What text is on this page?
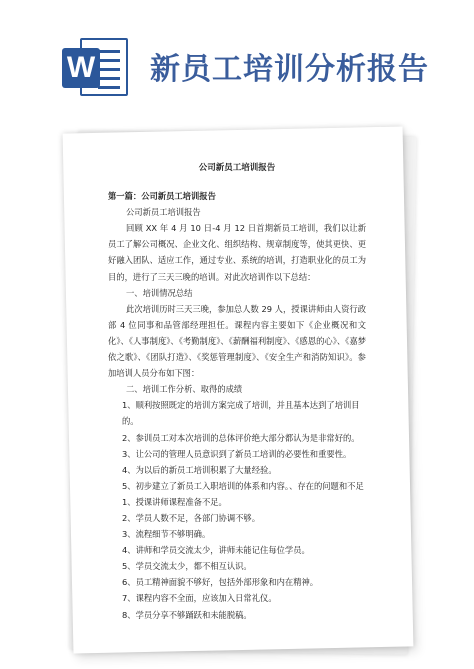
W 新员工培训分析报告

公司新员工培训报告

第一篇：公司新员工培训报告

公司新员工培训报告

回顾 XX 年 4 月 10 日-4 月 12 日首期新员工培训，我们以让新员工了解公司概况、企业文化、组织结构、规章制度等，使其更快、更好融入团队、适应工作，通过专业、系统的培训，打造职业化的员工为目的，进行了三天三晚的培训。对此次培训作以下总结：

一、培训情况总结

此次培训历时三天三晚，参加总人数 29 人，授课讲师由人资行政部 4 位同事和品管部经理担任。课程内容主要如下《企业概况和文化》、《人事制度》、《考勤制度》、《薪酬福利制度》、《感恩的心》、《嘉梦依之歌》、《团队打造》、《奖惩管理制度》、《安全生产和消防知识》。参加培训人员分布如下图：

二、培训工作分析、取得的成绩

1、顺利按照既定的培训方案完成了培训，并且基本达到了培训目的。

2、参训员工对本次培训的总体评价绝大部分都认为是非常好的。

3、让公司的管理人员意识到了新员工培训的必要性和重要性。

4、为以后的新员工培训积累了大量经验。

5、初步建立了新员工入职培训的体系和内容。、存在的问题和不足

1、授课讲师课程准备不足。

2、学员人数不足，各部门协调不够。

3、流程细节不够明确。

4、讲师和学员交流太少，讲师未能记住每位学员。

5、学员交流太少，都不相互认识。

6、员工精神面貌不够好，包括外部形象和内在精神。

7、课程内容不全面，应该加入日常礼仪。

8、学员分享不够踊跃和未能脱稿。
